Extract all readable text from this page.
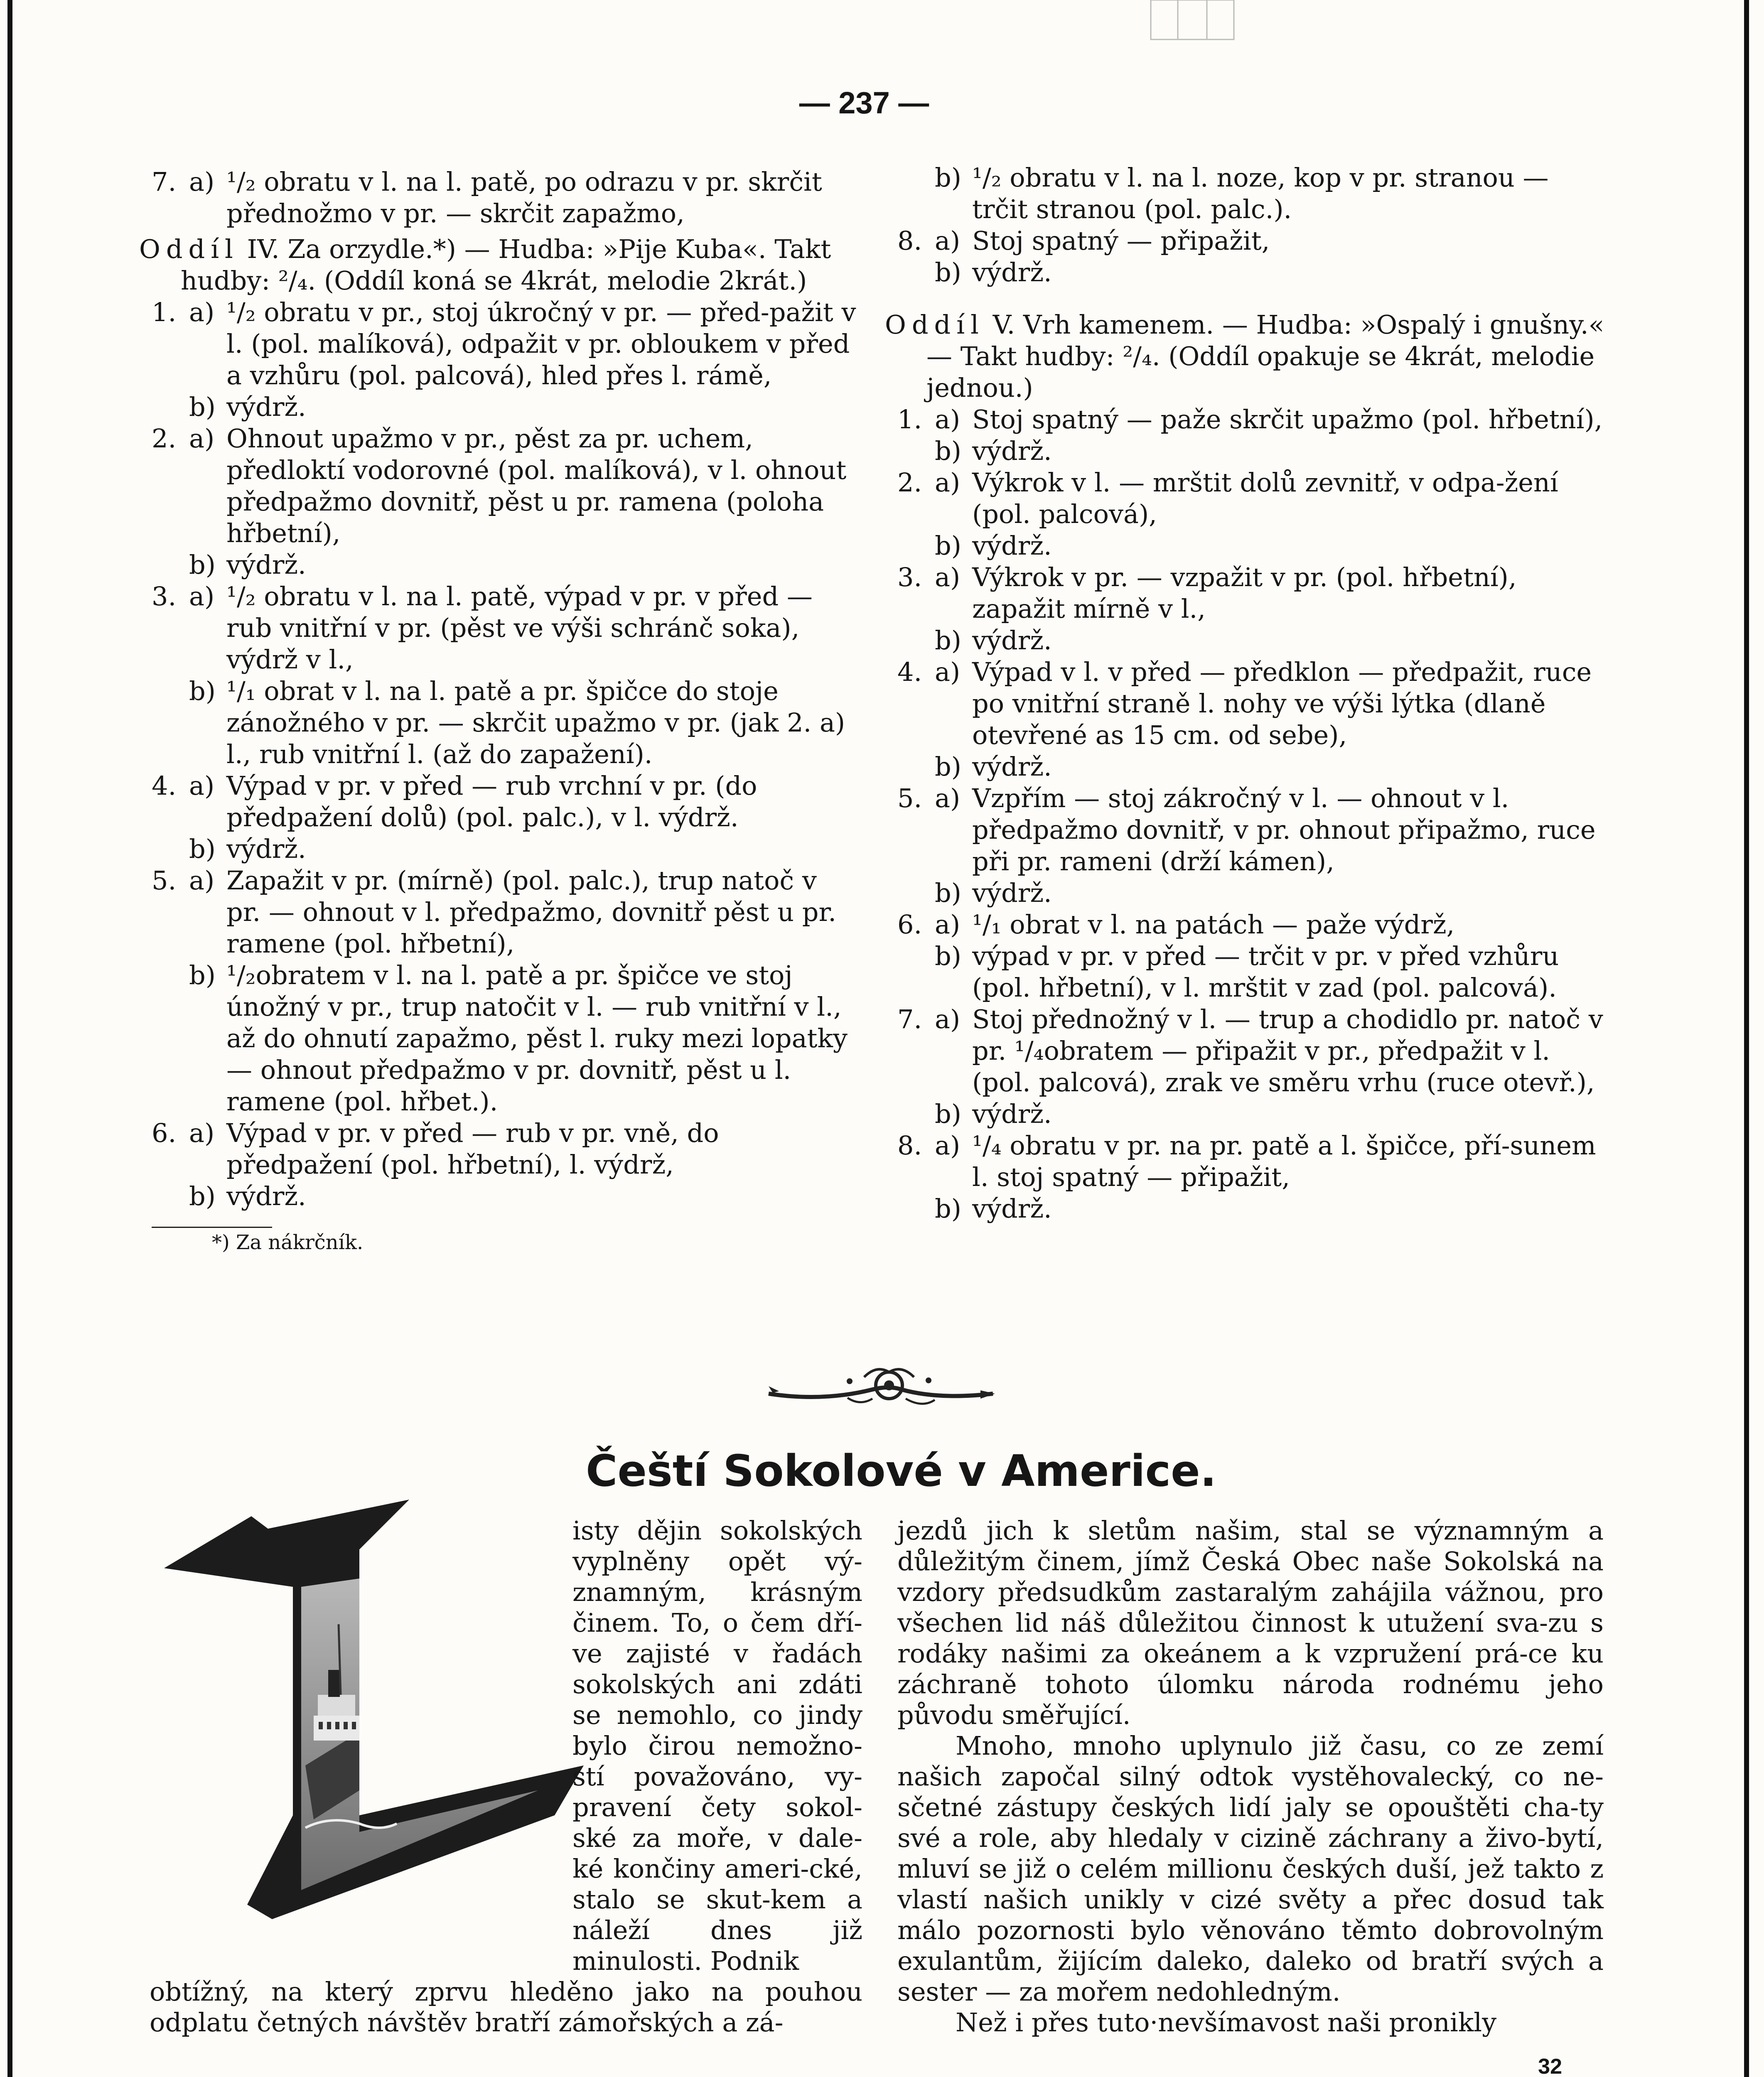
— 237 —

7. a) ¹/₂ obratu v l. na l. patě, po odrazu v pr. skrčit přednožmo v pr. — skrčit zapažmo,

Oddíl IV. Za orzydle.*) — Hudba: »Pije Kuba«. Takt hudby: ²/₄. (Oddíl koná se 4krát, melodie 2krát.)

1. a) ¹/₂ obratu v pr., stoj úkročný v pr. — před-pažit v l. (pol. malíková), odpažit v pr. obloukem v před a vzhůru (pol. palcová), hled přes l. rámě,

b) výdrž.

2. a) Ohnout upažmo v pr., pěst za pr. uchem, předloktí vodorovné (pol. malíková), v l. ohnout předpažmo dovnitř, pěst u pr. ramena (poloha hřbetní),

b) výdrž.

3. a) ¹/₂ obratu v l. na l. patě, výpad v pr. v před — rub vnitřní v pr. (pěst ve výši schránč soka), výdrž v l.,

b) ¹/₁ obrat v l. na l. patě a pr. špičce do stoje zánožného v pr. — skrčit upažmo v pr. (jak 2. a) l., rub vnitřní l. (až do zapažení).

4. a) Výpad v pr. v před — rub vrchní v pr. (do předpažení dolů) (pol. palc.), v l. výdrž.

b) výdrž.

5. a) Zapažit v pr. (mírně) (pol. palc.), trup natoč v pr. — ohnout v l. předpažmo, dovnitř pěst u pr. ramene (pol. hřbetní),

b) ¹/₂obratem v l. na l. patě a pr. špičce ve stoj únožný v pr., trup natočit v l. — rub vnitřní v l., až do ohnutí zapažmo, pěst l. ruky mezi lopatky — ohnout předpažmo v pr. dovnitř, pěst u l. ramene (pol. hřbet.).

6. a) Výpad v pr. v před — rub v pr. vně, do předpažení (pol. hřbetní), l. výdrž,

b) výdrž.

*) Za nákrčník.

b) ¹/₂ obratu v l. na l. noze, kop v pr. stranou — trčit stranou (pol. palc.).

8. a) Stoj spatný — připažit,

b) výdrž.

Oddíl V. Vrh kamenem. — Hudba: »Ospalý i gnušny.« — Takt hudby: ²/₄. (Oddíl opakuje se 4krát, melodie jednou.)

1. a) Stoj spatný — paže skrčit upažmo (pol. hřbetní),

b) výdrž.

2. a) Výkrok v l. — mrštit dolů zevnitř, v odpa-žení (pol. palcová),

b) výdrž.

3. a) Výkrok v pr. — vzpažit v pr. (pol. hřbetní), zapažit mírně v l.,

b) výdrž.

4. a) Výpad v l. v před — předklon — předpažit, ruce po vnitřní straně l. nohy ve výši lýtka (dlaně otevřené as 15 cm. od sebe),

b) výdrž.

5. a) Vzpřím — stoj zákročný v l. — ohnout v l. předpažmo dovnitř, v pr. ohnout připažmo, ruce při pr. rameni (drží kámen),

b) výdrž.

6. a) ¹/₁ obrat v l. na patách — paže výdrž,

b) výpad v pr. v před — trčit v pr. v před vzhůru (pol. hřbetní), v l. mrštit v zad (pol. palcová).

7. a) Stoj přednožný v l. — trup a chodidlo pr. natoč v pr. ¹/₄obratem — připažit v pr., předpažit v l. (pol. palcová), zrak ve směru vrhu (ruce otevř.),

b) výdrž.

8. a) ¹/₄ obratu v pr. na pr. patě a l. špičce, pří-sunem l. stoj spatný — připažit,

b) výdrž.

Čeští Sokolové v Americe.
isty dějin sokolských vyplněny opět vý-znamným, krásným činem. To, o čem dří-ve zajisté v řadách sokolských ani zdáti se nemohlo, co jindy bylo čirou nemožno-stí považováno, vy-pravení čety sokol-ské za moře, v dale-ké končiny ameri-cké, stalo se skut-kem a náleží dnes již minulosti. Podnik
obtížný, na který zprvu hleděno jako na pouhou odplatu četných návštěv bratří zámořských a zá-

jezdů jich k sletům našim, stal se významným a důležitým činem, jímž Česká Obec naše Sokolská na vzdory předsudkům zastaralým zahájila vážnou, pro všechen lid náš důležitou činnost k utužení sva-zu s rodáky našimi za okeánem a k vzpružení prá-ce ku záchraně tohoto úlomku národa rodnému jeho původu směřující.

Mnoho, mnoho uplynulo již času, co ze zemí našich započal silný odtok vystěhovalecký, co ne-sčetné zástupy českých lidí jaly se opouštěti cha-ty své a role, aby hledaly v cizině záchrany a živo-bytí, mluví se již o celém millionu českých duší, jež takto z vlastí našich unikly v cizé světy a přec dosud tak málo pozornosti bylo věnováno těmto dobrovolným exulantům, žijícím daleko, daleko od bratří svých a sester — za mořem nedohledným.

Než i přes tuto·nevšímavost naši pronikly

32
